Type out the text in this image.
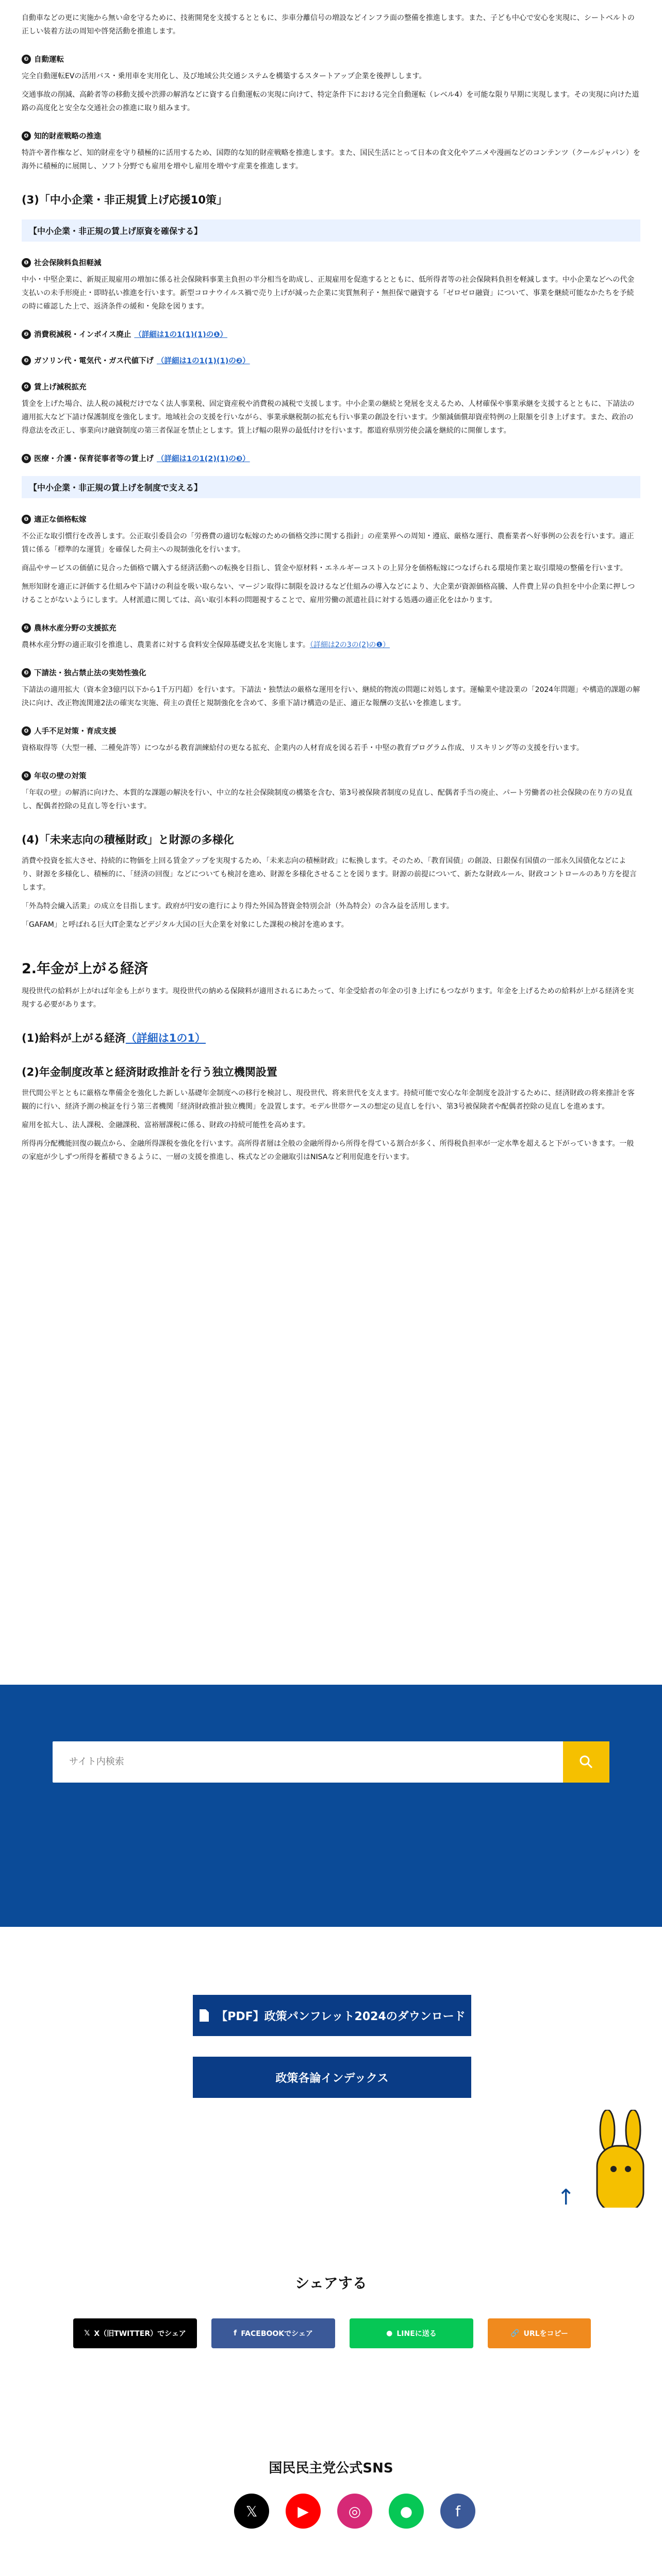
自動車などの更に実施から無い命を守るために、技術開発を支援するとともに、歩車分離信号の増設などインフラ面の整備を推進します。また、子ども中心で安心を実現に、シートベルトの正しい装着方法の周知や啓発活動を推進します。

❸ 自動運転

完全自動運転EVの活用バス・乗用車を実用化し、及び地域公共交通システムを構築するスタートアップ企業を後押しします。

交通事故の削減、高齢者等の移動支援や渋滞の解消などに資する自動運転の実現に向けて、特定条件下における完全自動運転（レベル4）を可能な限り早期に実現します。その実現に向けた道路の高度化と安全な交通社会の推進に取り組みます。

❹ 知的財産戦略の推進

特許や著作権など、知的財産を守り積極的に活用するため、国際的な知的財産戦略を推進します。また、国民生活にとって日本の食文化やアニメや漫画などのコンテンツ（クールジャパン）を海外に積極的に展開し、ソフト分野でも雇用を増やし雇用を増やす産業を推進します。

(3)「中小企業・非正規賃上げ応援10策」
【中小企業・非正規の賃上げ原資を確保する】
❶ 社会保険料負担軽減

中小・中堅企業に、新規正規雇用の増加に係る社会保険料事業主負担の半分相当を助成し、正規雇用を促進するとともに、低所得者等の社会保険料負担を軽減します。中小企業などへの代金支払いの未手形廃止・即時払い推進を行います。新型コロナウイルス禍で売り上げが減った企業に実質無利子・無担保で融資する「ゼロゼロ融資」について、事業を継続可能なかたちを予続の時に確認した上で、返済条件の緩和・免除を図ります。

❷ 消費税減税・インボイス廃止 （詳細は1の1(1)(1)の❶）
❸ ガソリン代・電気代・ガス代値下げ （詳細は1の1(1)(1)の❷）
❹ 賃上げ減税拡充

賃金を上げた場合、法人税の減税だけでなく法人事業税、固定資産税や消費税の減税で支援します。中小企業の継続と発展を支えるため、人材確保や事業承継を支援するとともに、下請法の適用拡大など下請け保護制度を強化します。地域社会の支援を行いながら、事業承継税制の拡充も行い事業の創設を行います。少額減価償却資産特例の上限額を引き上げます。また、政治の得意法を改正し、事業向け融資制度の第三者保証を禁止とします。賃上げ幅の限界の最低付けを行います。都道府県別労使会議を継続的に開催します。

❺ 医療・介護・保育従事者等の賃上げ （詳細は1の1(2)(1)の❸）
【中小企業・非正規の賃上げを制度で支える】
❶ 適正な価格転嫁

不公正な取引慣行を改善します。公正取引委員会の「労務費の適切な転嫁のための価格交渉に関する指針」の産業界への周知・遵底、厳格な運行、農畜業者へ好事例の公表を行います。適正賃に係る「標準的な運賃」を確保した荷主への規制強化を行います。

商品やサービスの価値に見合った価格で購入する経済活動への転換を目指し、賃金や原材料・エネルギーコストの上昇分を価格転嫁につなげられる環境作業と取引環境の整備を行います。

無形知財を適正に評価する仕組みや下請けの利益を吸い取らない、マージン取得に制限を設けるなど仕組みの導入などにより、大企業が資源価格高騰、人件費上昇の負担を中小企業に押しつけることがないようにします。人材派遣に関しては、高い取引本料の問題視することで、雇用労働の派遣社員に対する処遇の適正化をはかります。

❷ 農林水産分野の支援拡充

農林水産分野の適正取引を推進し、農業者に対する食料安全保障基礎支払を実施します。（詳細は2の3の(2)の❶）

❸ 下請法・独占禁止法の実効性強化

下請法の適用拡大（資本金3億円以下から1千万円超）を行います。下請法・独禁法の厳格な運用を行い、継続的物流の問題に対処します。運輸業や建設業の「2024年問題」や構造的課題の解決に向け、改正物流関連2法の確実な実施、荷主の責任と規制強化を含めて、多重下請け構造の是正、適正な報酬の支払いを推進します。

❹ 人手不足対策・育成支援

資格取得等（大型一種、二種免許等）につながる教育訓練給付の更なる拡充、企業内の人材育成を図る若手・中堅の教育プログラム作成、リスキリング等の支援を行います。

❺ 年収の壁の対策

「年収の壁」の解消に向けた、本質的な課題の解決を行い、中立的な社会保険制度の構築を含む、第3号被保険者制度の見直し、配偶者手当の廃止、パート労働者の社会保険の在り方の見直し、配偶者控除の見直し等を行います。

(4)「未来志向の積極財政」と財源の多様化

消費や投資を拡大させ、持続的に物価を上回る賃金アップを実現するため、「未来志向の積極財政」に転換します。そのため、「教育国債」の創設、日銀保有国債の一部永久国債化などにより、財源を多様化し、積極的に、「経済の回復」などについても検討を進め、財源を多様化させることを図ります。財源の前提について、新たな財政ルール、財政コントロールのあり方を提言します。

「外為特会繊入活業」の成立を目指します。政府が円安の進行により得た外国為替資金特別会計（外為特会）の含み益を活用します。

「GAFAM」と呼ばれる巨大IT企業などデジタル大国の巨大企業を対象にした課税の検討を進めます。

2.年金が上がる経済

現役世代の給料が上がれば年金も上がります。現役世代の納める保険料が適用されるにあたって、年金受給者の年金の引き上げにもつながります。年金を上げるための給料が上がる経済を実現する必要があります。

(1)給料が上がる経済（詳細は1の1）
(2)年金制度改革と経済財政推計を行う独立機関設置

世代間公平とともに厳格な準備金を強化した新しい基礎年金制度への移行を検討し、現役世代、将来世代を支えます。持続可能で安心な年金制度を設計するために、経済財政の将来推計を客観的に行い、経済予測の検証を行う第三者機関「経済財政推計独立機関」を設置します。モデル世帯ケースの想定の見直しを行い、第3号被保険者や配偶者控除の見直しを進めます。

雇用を拡大し、法人課税、金融課税、富裕層課税に係る、財政の持続可能性を高めます。

所得再分配機能回復の観点から、金融所得課税を強化を行います。高所得者層は全般の金融所得から所得を得ている割合が多く、所得税負担率が一定水準を超えると下がっていきます。一般の家庭が少しずつ所得を蓄積できるように、一層の支援を推進し、株式などの金融取引はNISAなど利用促進を行います。

サイト内検索
【PDF】政策パンフレット2024のダウンロード
政策各論インデックス
↑
シェアする
𝕏 X（旧TWITTER）でシェア	f FACEBOOKでシェア	● LINEに送る	🔗 URLをコピー
国民民主党公式SNS
𝕏	▶	◎	●	f
